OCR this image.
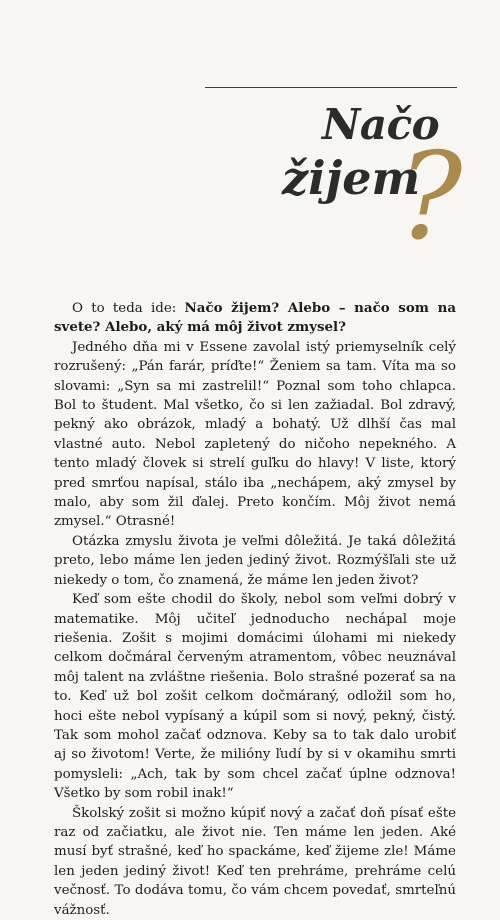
Načo
žijem
?

O to teda ide: Načo žijem? Alebo – načo som na svete? Alebo, aký má môj život zmysel?

Jedného dňa mi v Essene zavolal istý priemyselník celý rozrušený: „Pán farár, príďte!“ Ženiem sa tam. Víta ma so slovami: „Syn sa mi zastrelil!“ Poznal som toho chlapca. Bol to študent. Mal všetko, čo si len zažiadal. Bol zdravý, pekný ako obrázok, mladý a bohatý. Už dlhší čas mal vlastné auto. Nebol zapletený do ničoho nepekného. A tento mladý človek si strelí guľku do hlavy! V liste, ktorý pred smrťou napísal, stálo iba „nechápem, aký zmysel by malo, aby som žil ďalej. Preto končím. Môj život nemá zmysel.“ Otrasné!

Otázka zmyslu života je veľmi dôležitá. Je taká dôležitá preto, lebo máme len jeden jediný život. Rozmýšľali ste už niekedy o tom, čo znamená, že máme len jeden život?

Keď som ešte chodil do školy, nebol som veľmi dobrý v matematike. Môj učiteľ jednoducho nechápal moje riešenia. Zošit s mojimi domácimi úlohami mi niekedy celkom dočmáral červeným atramentom, vôbec neuznával môj talent na zvláštne riešenia. Bolo strašné pozerať sa na to. Keď už bol zošit celkom dočmáraný, odložil som ho, hoci ešte nebol vypísaný a kúpil som si nový, pekný, čistý. Tak som mohol začať odznova. Keby sa to tak dalo urobiť aj so životom! Verte, že milióny ľudí by si v okamihu smrti pomysleli: „Ach, tak by som chcel začať úplne odznova! Všetko by som robil inak!“

Školský zošit si možno kúpiť nový a začať doň písať ešte raz od začiatku, ale život nie. Ten máme len jeden. Aké musí byť strašné, keď ho spackáme, keď žijeme zle! Máme len jeden jediný život! Keď ten prehráme, prehráme celú večnosť. To dodáva tomu, čo vám chcem povedať, smrteľnú vážnosť.
